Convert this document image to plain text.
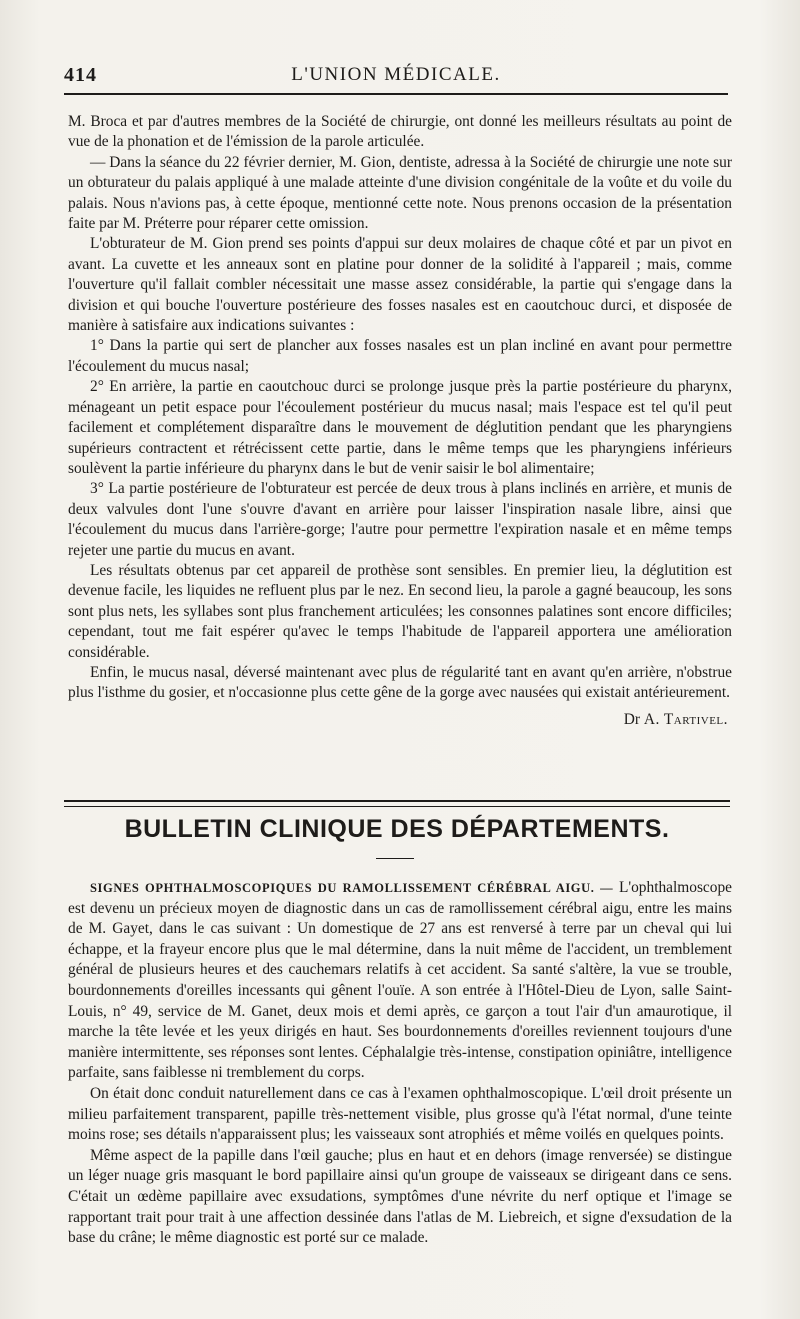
414	L'UNION MÉDICALE.

M. Broca et par d'autres membres de la Société de chirurgie, ont donné les meilleurs résultats au point de vue de la phonation et de l'émission de la parole articulée.

— Dans la séance du 22 février dernier, M. Gion, dentiste, adressa à la Société de chirurgie une note sur un obturateur du palais appliqué à une malade atteinte d'une division congénitale de la voûte et du voile du palais. Nous n'avions pas, à cette époque, mentionné cette note. Nous prenons occasion de la présentation faite par M. Préterre pour réparer cette omission.

L'obturateur de M. Gion prend ses points d'appui sur deux molaires de chaque côté et par un pivot en avant. La cuvette et les anneaux sont en platine pour donner de la solidité à l'appareil ; mais, comme l'ouverture qu'il fallait combler nécessitait une masse assez considérable, la partie qui s'engage dans la division et qui bouche l'ouverture postérieure des fosses nasales est en caoutchouc durci, et disposée de manière à satisfaire aux indications suivantes :

1° Dans la partie qui sert de plancher aux fosses nasales est un plan incliné en avant pour permettre l'écoulement du mucus nasal;

2° En arrière, la partie en caoutchouc durci se prolonge jusque près la partie postérieure du pharynx, ménageant un petit espace pour l'écoulement postérieur du mucus nasal; mais l'espace est tel qu'il peut facilement et complétement disparaître dans le mouvement de déglutition pendant que les pharyngiens supérieurs contractent et rétrécissent cette partie, dans le même temps que les pharyngiens inférieurs soulèvent la partie inférieure du pharynx dans le but de venir saisir le bol alimentaire;

3° La partie postérieure de l'obturateur est percée de deux trous à plans inclinés en arrière, et munis de deux valvules dont l'une s'ouvre d'avant en arrière pour laisser l'inspiration nasale libre, ainsi que l'écoulement du mucus dans l'arrière-gorge; l'autre pour permettre l'expiration nasale et en même temps rejeter une partie du mucus en avant.

Les résultats obtenus par cet appareil de prothèse sont sensibles. En premier lieu, la déglutition est devenue facile, les liquides ne refluent plus par le nez. En second lieu, la parole a gagné beaucoup, les sons sont plus nets, les syllabes sont plus franchement articulées; les consonnes palatines sont encore difficiles; cependant, tout me fait espérer qu'avec le temps l'habitude de l'appareil apportera une amélioration considérable.

Enfin, le mucus nasal, déversé maintenant avec plus de régularité tant en avant qu'en arrière, n'obstrue plus l'isthme du gosier, et n'occasionne plus cette gêne de la gorge avec nausées qui existait antérieurement.

Dr A. Tartivel.

BULLETIN CLINIQUE DES DÉPARTEMENTS.

SIGNES OPHTHALMOSCOPIQUES DU RAMOLLISSEMENT CÉRÉBRAL AIGU. — L'ophthalmoscope est devenu un précieux moyen de diagnostic dans un cas de ramollissement cérébral aigu, entre les mains de M. Gayet, dans le cas suivant : Un domestique de 27 ans est renversé à terre par un cheval qui lui échappe, et la frayeur encore plus que le mal détermine, dans la nuit même de l'accident, un tremblement général de plusieurs heures et des cauchemars relatifs à cet accident. Sa santé s'altère, la vue se trouble, bourdonnements d'oreilles incessants qui gênent l'ouïe. A son entrée à l'Hôtel-Dieu de Lyon, salle Saint-Louis, n° 49, service de M. Ganet, deux mois et demi après, ce garçon a tout l'air d'un amaurotique, il marche la tête levée et les yeux dirigés en haut. Ses bourdonnements d'oreilles reviennent toujours d'une manière intermittente, ses réponses sont lentes. Céphalalgie très-intense, constipation opiniâtre, intelligence parfaite, sans faiblesse ni tremblement du corps.

On était donc conduit naturellement dans ce cas à l'examen ophthalmoscopique. L'œil droit présente un milieu parfaitement transparent, papille très-nettement visible, plus grosse qu'à l'état normal, d'une teinte moins rose; ses détails n'apparaissent plus; les vaisseaux sont atrophiés et même voilés en quelques points.

Même aspect de la papille dans l'œil gauche; plus en haut et en dehors (image renversée) se distingue un léger nuage gris masquant le bord papillaire ainsi qu'un groupe de vaisseaux se dirigeant dans ce sens. C'était un œdème papillaire avec exsudations, symptômes d'une névrite du nerf optique et l'image se rapportant trait pour trait à une affection dessinée dans l'atlas de M. Liebreich, et signe d'exsudation de la base du crâne; le même diagnostic est porté sur ce malade.
